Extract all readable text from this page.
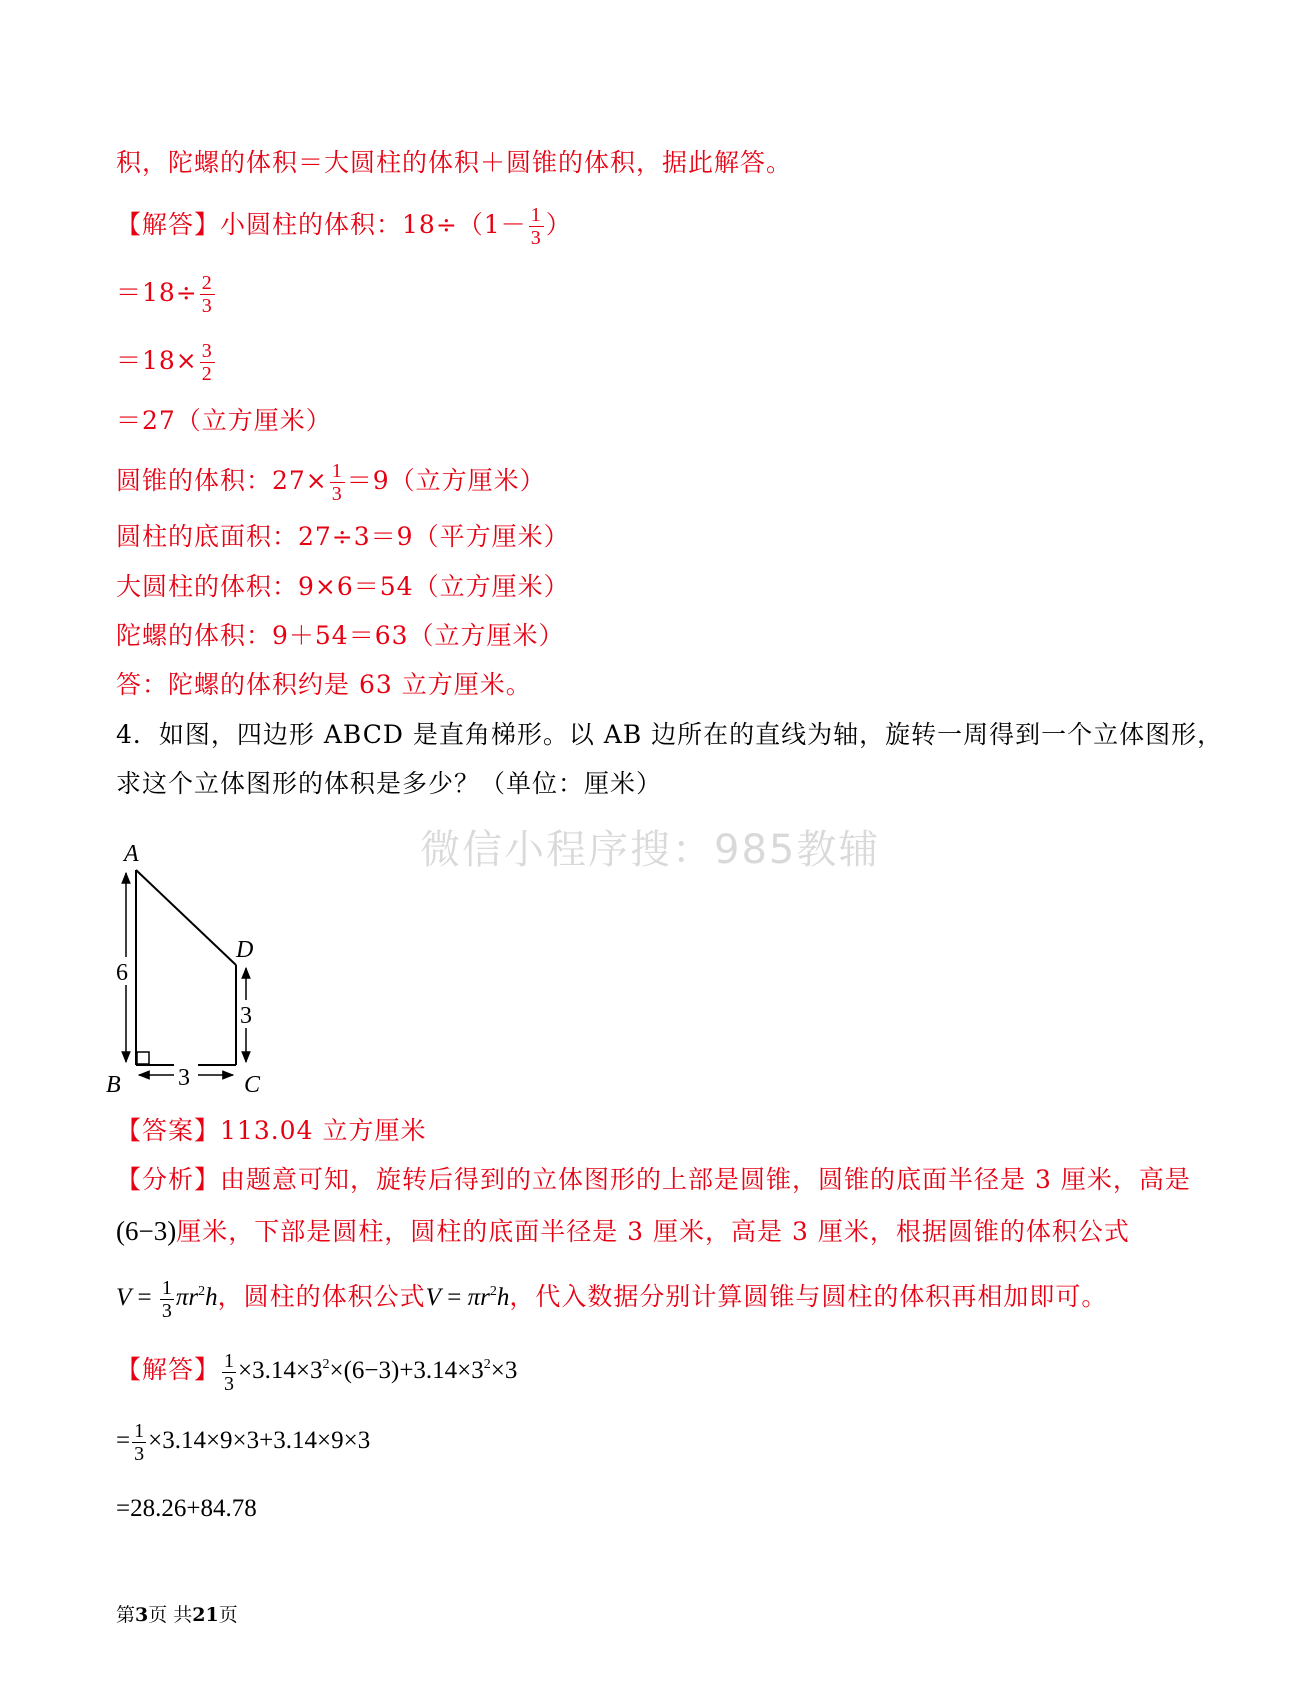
积，陀螺的体积＝大圆柱的体积＋圆锥的体积，据此解答。
【解答】小圆柱的体积：$18\div(1- \frac{1}{3}$ ）
$=18\div \frac{2}{3}$
$=18\times \frac{3}{2}$
＝27（立方厘米）
圆锥的体积：$27\times \frac{1}{3} =9$（立方厘米）
圆柱的底面积：27÷3＝9（平方厘米）
大圆柱的体积：9×6＝54（立方厘米）
陀螺的体积：9＋54＝63（立方厘米）
答：陀螺的体积约是 63 立方厘米。
4．如图，四边形 ABCD 是直角梯形。以 AB 边所在的直线为轴，旋转一周得到一个立体图形，
求这个立体图形的体积是多少？（单位：厘米）
微信小程序搜：985教辅
6
3
3
A
D
B	C
【答案】113.04 立方厘米
【分析】由题意可知，旋转后得到的立体图形的上部是圆锥，圆锥的底面半径是 3 厘米，高是
(6−3)厘米，下部是圆柱，圆柱的底面半径是 3 厘米，高是 3 厘米，根据圆锥的体积公式
$V = \frac{1}{3} \pi r^2h$，圆柱的体积公式$V = \pi r^2h$，代入数据分别计算圆锥与圆柱的体积再相加即可。
【解答】 $\frac{1}{3} \times 3.14\times 3^2\times(6-3)+3.14\times 3^2\times 3$
= $\frac{1}{3} \times 3.14\times 9\times 3+3.14\times 9\times 3$
=28.26+84.78
第3页 共21页
